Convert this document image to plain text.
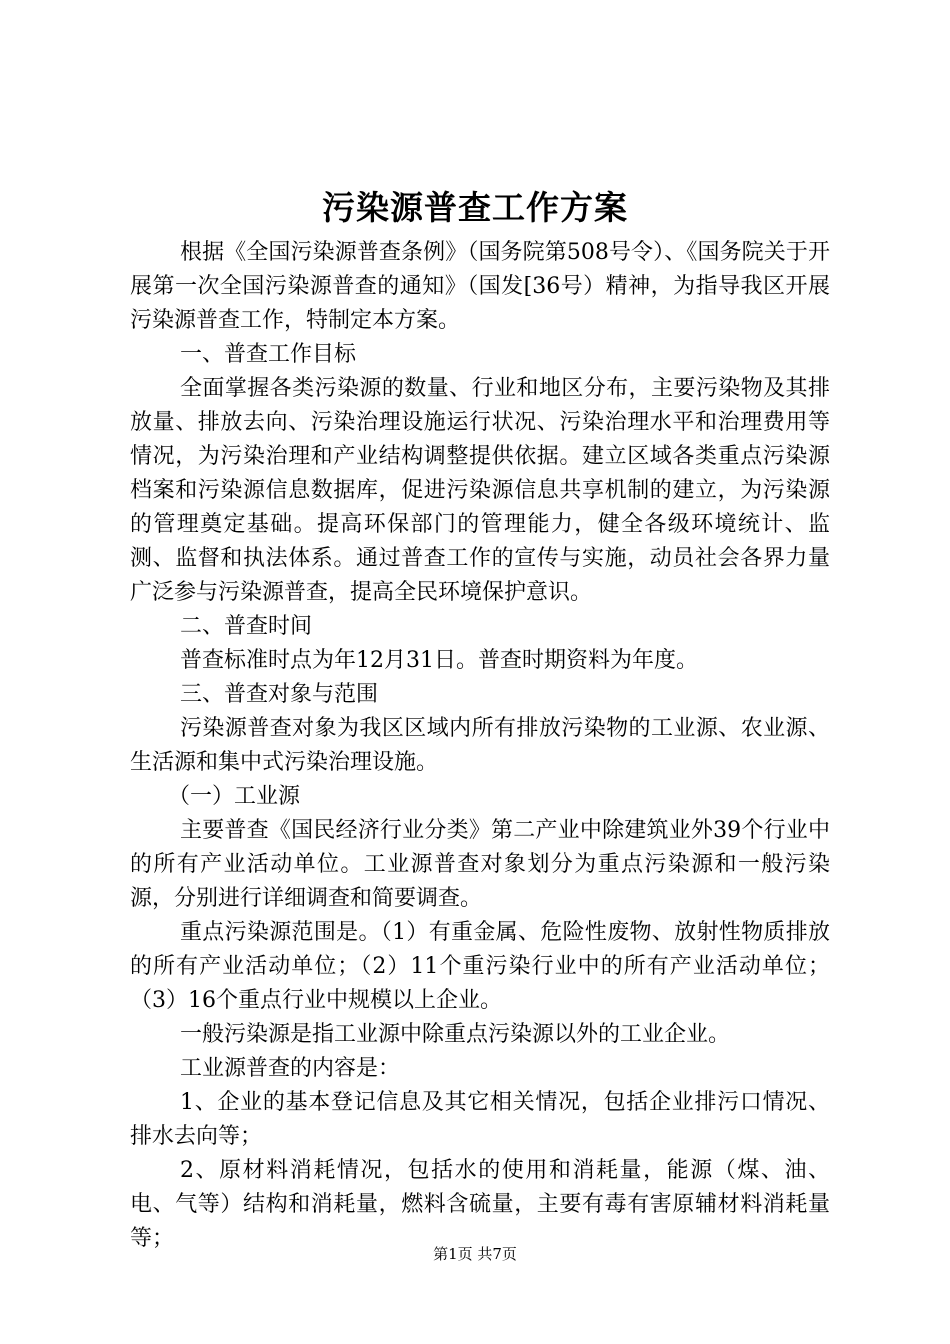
污染源普查工作方案

根据《全国污染源普查条例》（国务院第508号令）、《国务院关于开展第一次全国污染源普查的通知》（国发[36号）精神，为指导我区开展污染源普查工作，特制定本方案。

一、普查工作目标

全面掌握各类污染源的数量、行业和地区分布，主要污染物及其排放量、排放去向、污染治理设施运行状况、污染治理水平和治理费用等情况，为污染治理和产业结构调整提供依据。建立区域各类重点污染源档案和污染源信息数据库，促进污染源信息共享机制的建立，为污染源的管理奠定基础。提高环保部门的管理能力，健全各级环境统计、监测、监督和执法体系。通过普查工作的宣传与实施，动员社会各界力量广泛参与污染源普查，提高全民环境保护意识。

二、普查时间

普查标准时点为年12月31日。普查时期资料为年度。

三、普查对象与范围

污染源普查对象为我区区域内所有排放污染物的工业源、农业源、生活源和集中式污染治理设施。

（一）工业源

主要普查《国民经济行业分类》第二产业中除建筑业外39个行业中的所有产业活动单位。工业源普查对象划分为重点污染源和一般污染源，分别进行详细调查和简要调查。

重点污染源范围是。（1）有重金属、危险性废物、放射性物质排放的所有产业活动单位；（2）11个重污染行业中的所有产业活动单位；（3）16个重点行业中规模以上企业。

一般污染源是指工业源中除重点污染源以外的工业企业。

工业源普查的内容是：

1、企业的基本登记信息及其它相关情况，包括企业排污口情况、排水去向等；

2、原材料消耗情况，包括水的使用和消耗量，能源（煤、油、电、气等）结构和消耗量，燃料含硫量，主要有毒有害原辅材料消耗量等；

第1页 共7页
